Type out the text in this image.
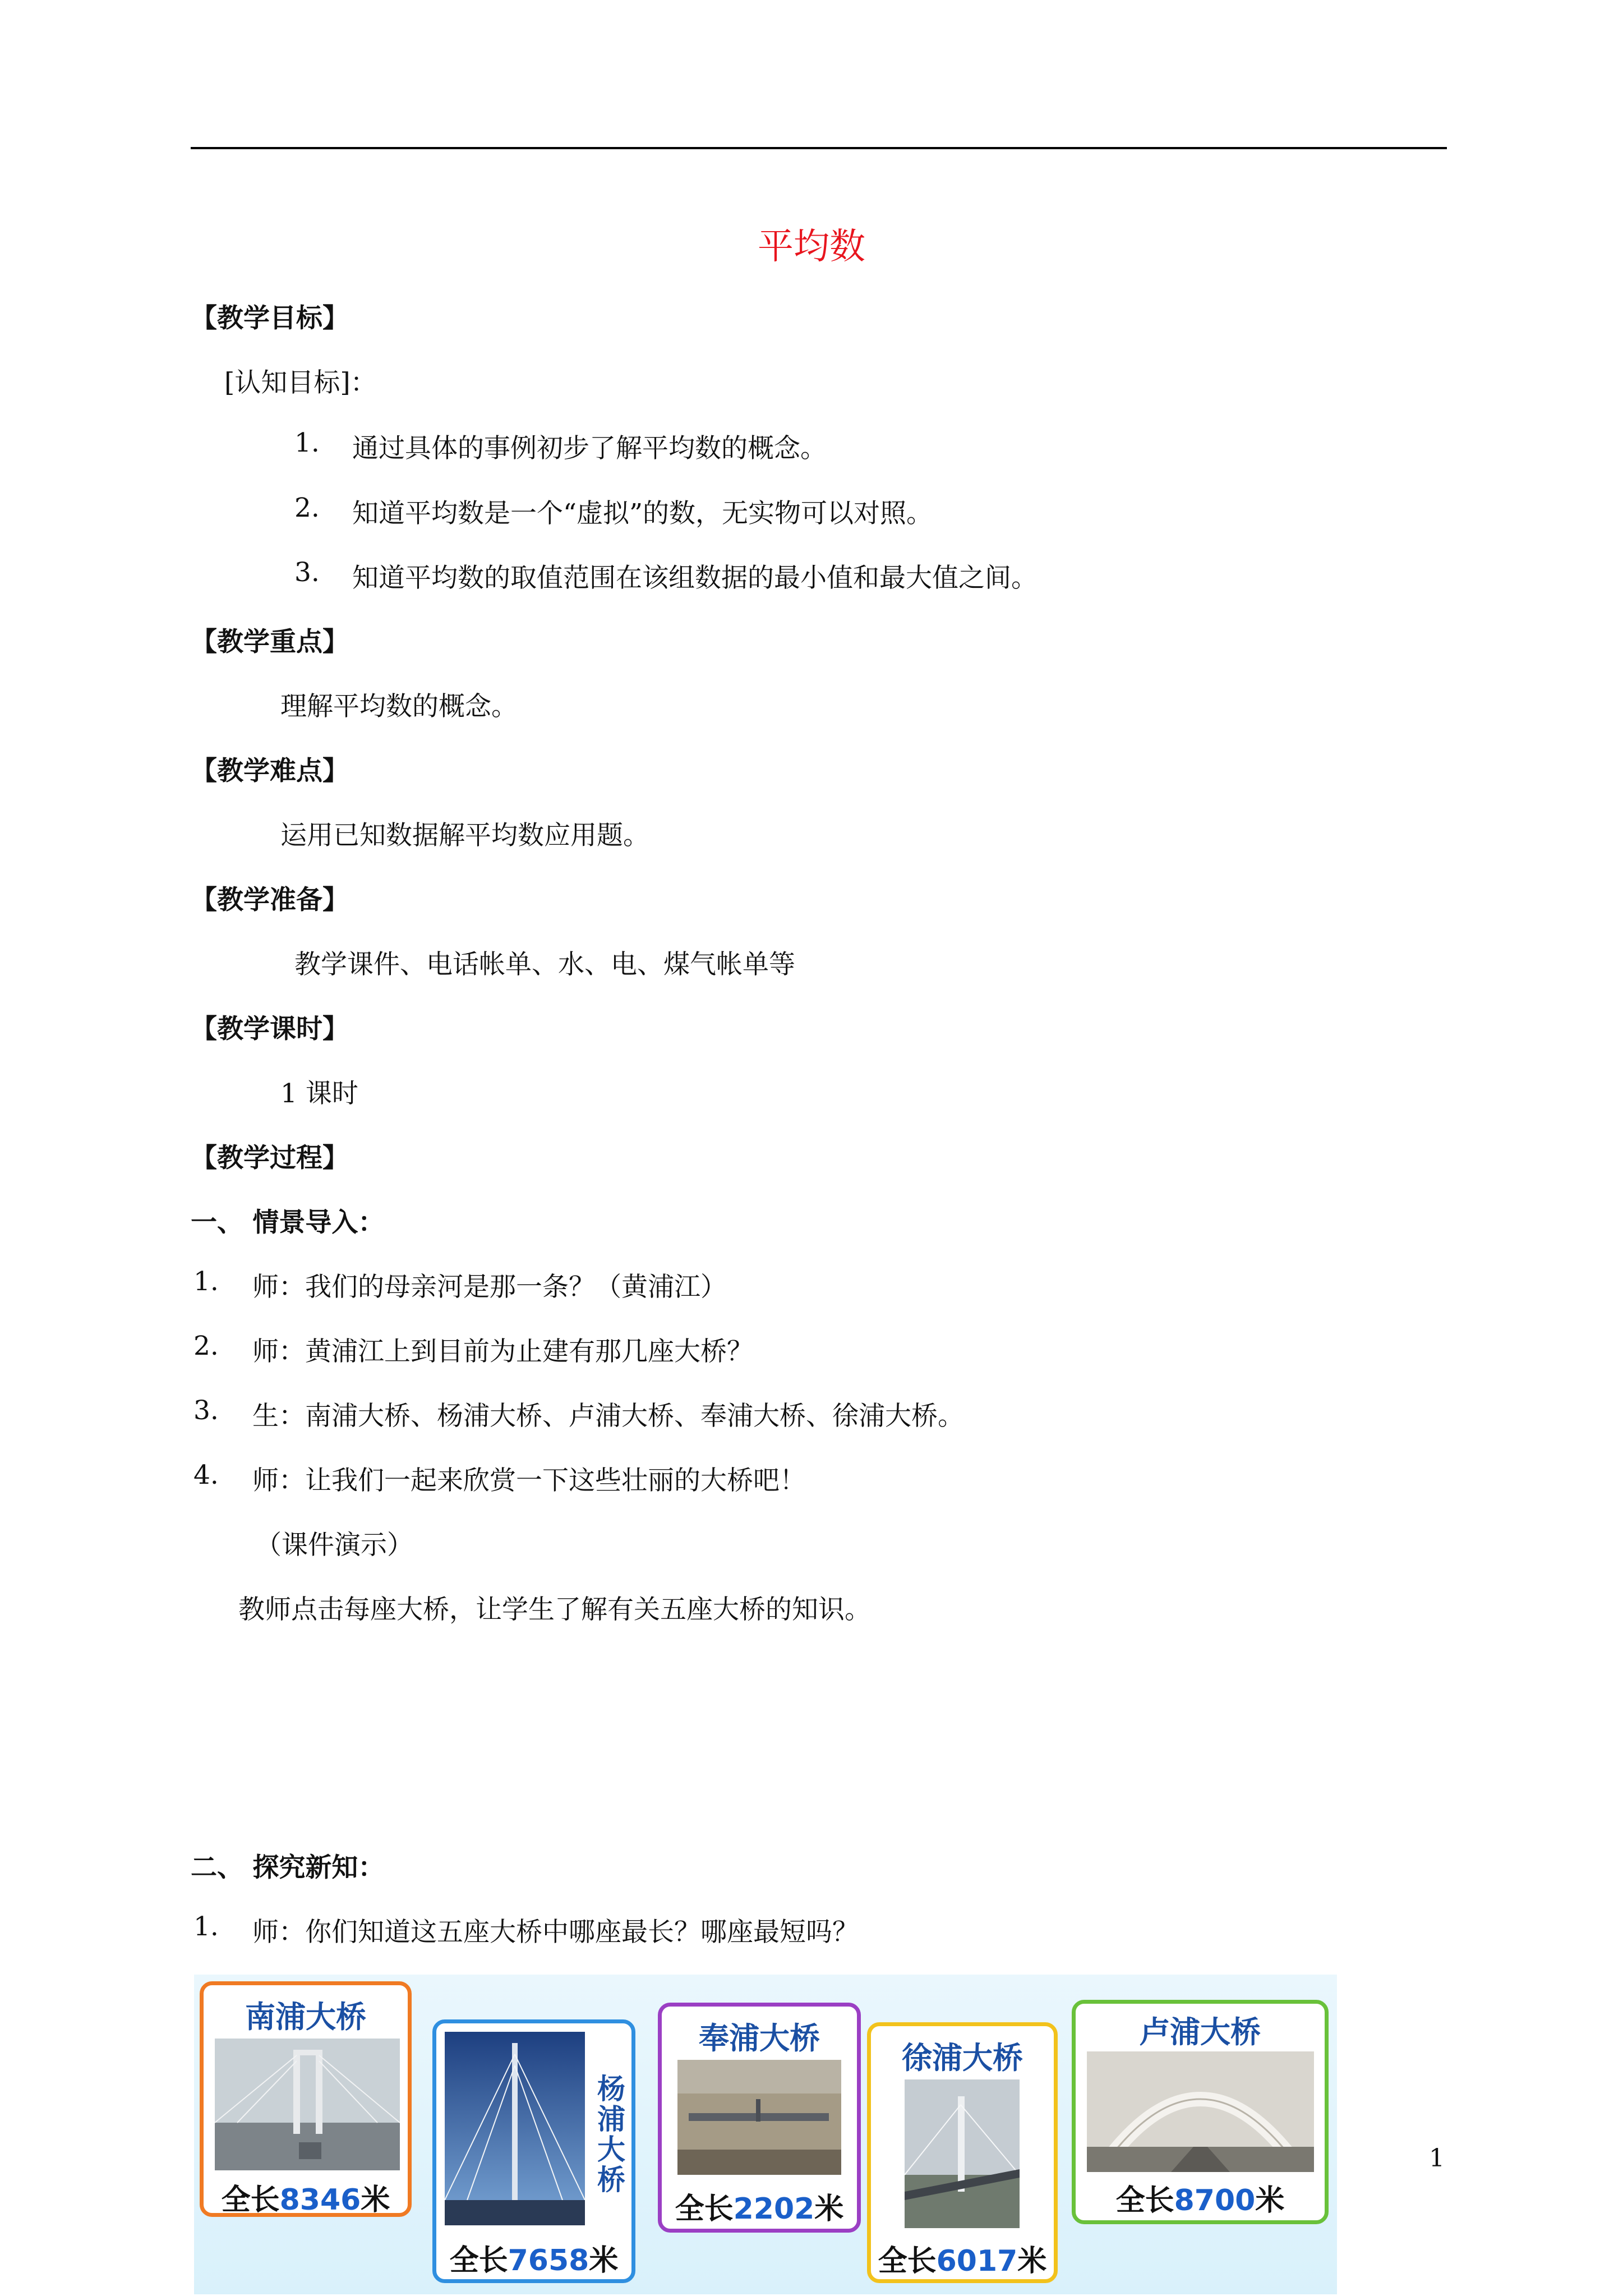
平均数
【教学目标】
[认知目标]：
1. 通过具体的事例初步了解平均数的概念。
2. 知道平均数是一个“虚拟”的数，无实物可以对照。
3. 知道平均数的取值范围在该组数据的最小值和最大值之间。
【教学重点】
理解平均数的概念。
【教学难点】
运用已知数据解平均数应用题。
【教学准备】
教学课件、电话帐单、水、电、煤气帐单等
【教学课时】
1 课时
【教学过程】
一、 情景导入：
1. 师：我们的母亲河是那一条？（黄浦江）
2. 师：黄浦江上到目前为止建有那几座大桥？
3. 生：南浦大桥、杨浦大桥、卢浦大桥、奉浦大桥、徐浦大桥。
4. 师：让我们一起来欣赏一下这些壮丽的大桥吧！
（课件演示）
教师点击每座大桥，让学生了解有关五座大桥的知识。
二、 探究新知：
1. 师：你们知道这五座大桥中哪座最长？哪座最短吗？
1
南浦大桥
全长8346米
杨浦大桥
全长7658米
奉浦大桥
全长2202米
徐浦大桥
全长6017米
卢浦大桥
全长8700米
